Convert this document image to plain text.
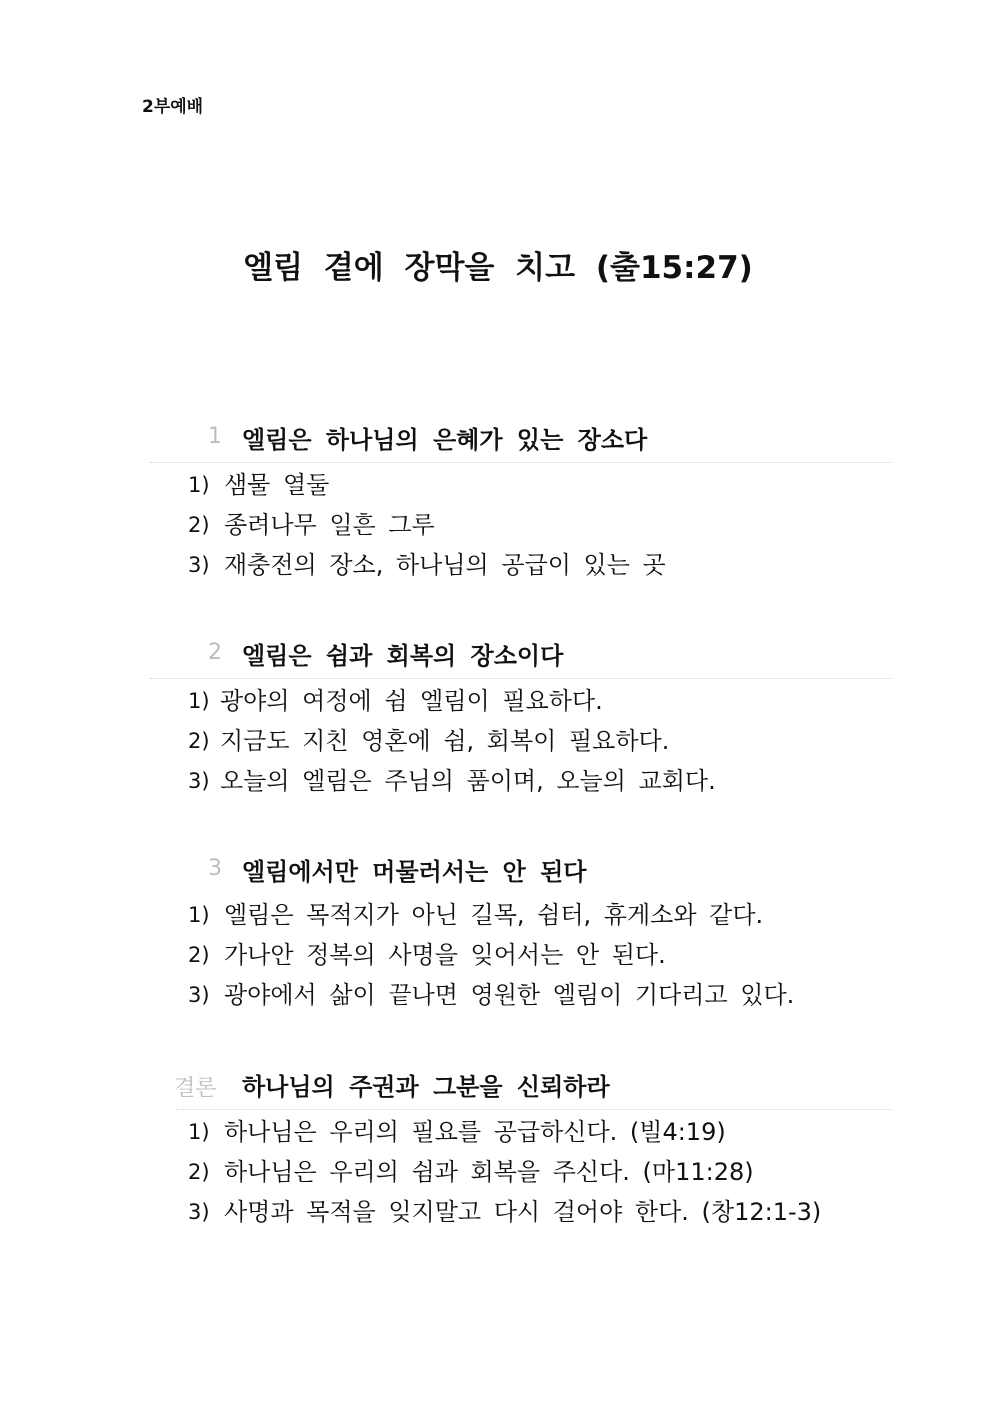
2부예배
엘림 곁에 장막을 치고 (출15:27)
1 엘림은 하나님의 은혜가 있는 장소다
1) 샘물 열둘
2) 종려나무 일흔 그루
3) 재충전의 장소, 하나님의 공급이 있는 곳
2 엘림은 쉼과 회복의 장소이다
1) 광야의 여정에 쉼 엘림이 필요하다.
2) 지금도 지친 영혼에 쉼, 회복이 필요하다.
3) 오늘의 엘림은 주님의 품이며, 오늘의 교회다.
3 엘림에서만 머물러서는 안 된다
1) 엘림은 목적지가 아닌 길목, 쉼터, 휴게소와 같다.
2) 가나안 정복의 사명을 잊어서는 안 된다.
3) 광야에서 삶이 끝나면 영원한 엘림이 기다리고 있다.
결론 하나님의 주권과 그분을 신뢰하라
1) 하나님은 우리의 필요를 공급하신다. (빌4:19)
2) 하나님은 우리의 쉼과 회복을 주신다. (마11:28)
3) 사명과 목적을 잊지말고 다시 걸어야 한다. (창12:1-3)
